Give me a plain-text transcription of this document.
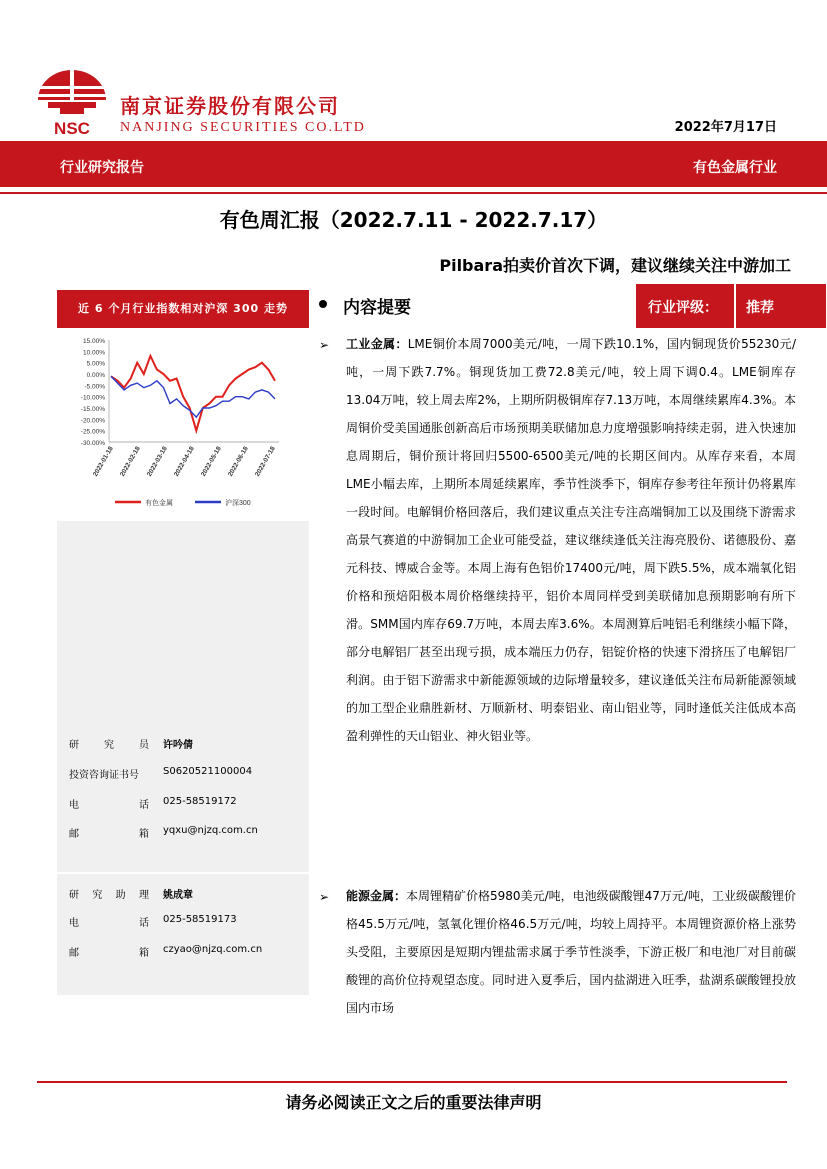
NSC
南京证券股份有限公司
NANJING SECURITIES CO.LTD	2022年7月17日
行业研究报告	有色金属行业
有色周汇报（2022.7.11 - 2022.7.17）
Pilbara拍卖价首次下调，建议继续关注中游加工
近 6 个月行业指数相对沪深 300 走势
15.00%
10.00%
5.00%
0.00%
-5.00%
-10.00%
-15.00%
-20.00%
-25.00%
-30.00%
2022-01-18 2022-02-18 2022-03-18 2022-04-18 2022-05-18 2022-06-18 2022-07-18
有色金属	沪深300
研	究	员 许吟倩
投资咨询证书号 S0620521100004
电	话 025-58519172
邮	箱 yqxu@njzq.com.cn
研 究 助 理 姚成章
电	话 025-58519173
邮	箱 czyao@njzq.com.cn
内容提要	行业评级： 推荐
➢ 工业金属：LME铜价本周7000美元/吨，一周下跌10.1%，国内铜现货价55230元/吨，一周下跌7.7%。铜现货加工费72.8美元/吨，较上周下调0.4。LME铜库存13.04万吨，较上周去库2%，上期所阴极铜库存7.13万吨，本周继续累库4.3%。本周铜价受美国通胀创新高后市场预期美联储加息力度增强影响持续走弱，进入快速加息周期后，铜价预计将回归5500-6500美元/吨的长期区间内。从库存来看，本周LME小幅去库，上期所本周延续累库，季节性淡季下，铜库存参考往年预计仍将累库一段时间。电解铜价格回落后，我们建议重点关注专注高端铜加工以及围绕下游需求高景气赛道的中游铜加工企业可能受益，建议继续逢低关注海亮股份、诺德股份、嘉元科技、博威合金等。本周上海有色铝价17400元/吨，周下跌5.5%，成本端氧化铝价格和预焙阳极本周价格继续持平，铝价本周同样受到美联储加息预期影响有所下滑。SMM国内库存69.7万吨，本周去库3.6%。本周测算后吨铝毛利继续小幅下降，部分电解铝厂甚至出现亏损，成本端压力仍存，铝锭价格的快速下滑挤压了电解铝厂利润。由于铝下游需求中新能源领域的边际增量较多，建议逢低关注布局新能源领域的加工型企业鼎胜新材、万顺新材、明泰铝业、南山铝业等，同时逢低关注低成本高盈利弹性的天山铝业、神火铝业等。
➢ 能源金属：本周锂精矿价格5980美元/吨，电池级碳酸锂47万元/吨，工业级碳酸锂价格45.5万元/吨，氢氧化锂价格46.5万元/吨，均较上周持平。本周锂资源价格上涨势头受阻，主要原因是短期内锂盐需求属于季节性淡季，下游正极厂和电池厂对目前碳酸锂的高价位持观望态度。同时进入夏季后，国内盐湖进入旺季，盐湖系碳酸锂投放国内市场
请务必阅读正文之后的重要法律声明
